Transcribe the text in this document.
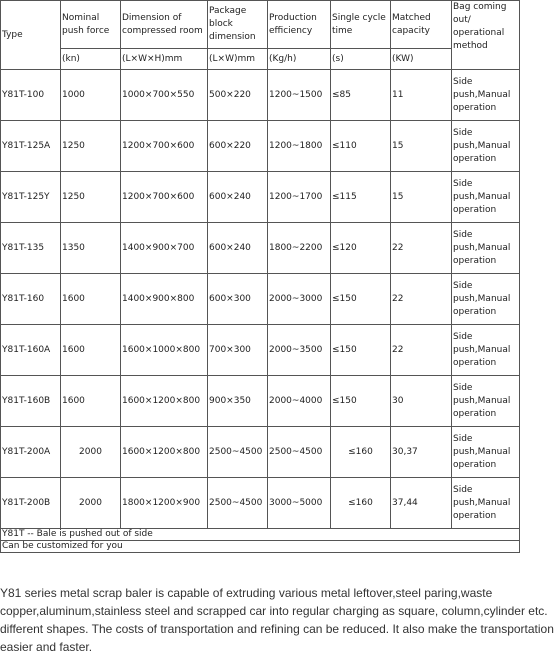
Type	Nominal push force	Dimension of compressed room	Package block dimension	Production efficiency	Single cycle time	Matched capacity	Bag coming out/ operational method
	(kn)	(L×W×H)mm	(L×W)mm	(Kg/h)	(s)	(KW)	
Y81T-100	1000	1000×700×550	500×220	1200~1500	≤85	11	Side push,Manual operation
Y81T-125A	1250	1200×700×600	600×220	1200~1800	≤110	15	Side push,Manual operation
Y81T-125Y	1250	1200×700×600	600×240	1200~1700	≤115	15	Side push,Manual operation
Y81T-135	1350	1400×900×700	600×240	1800~2200	≤120	22	Side push,Manual operation
Y81T-160	1600	1400×900×800	600×300	2000~3000	≤150	22	Side push,Manual operation
Y81T-160A	1600	1600×1000×800	700×300	2000~3500	≤150	22	Side push,Manual operation
Y81T-160B	1600	1600×1200×800	900×350	2000~4000	≤150	30	Side push,Manual operation
Y81T-200A	2000	1600×1200×800	2500~4500	2500~4500	≤160	30,37	Side push,Manual operation
Y81T-200B	2000	1800×1200×900	2500~4500	3000~5000	≤160	37,44	Side push,Manual operation
Y81T -- Bale is pushed out of side							
Can be customized for you							

Y81 series metal scrap baler is capable of extruding various metal leftover,steel paring,waste copper,aluminum,stainless steel and scrapped car into regular charging as square, column,cylinder etc. different shapes. The costs of transportation and refining can be reduced. It also make the transportation easier and faster.
